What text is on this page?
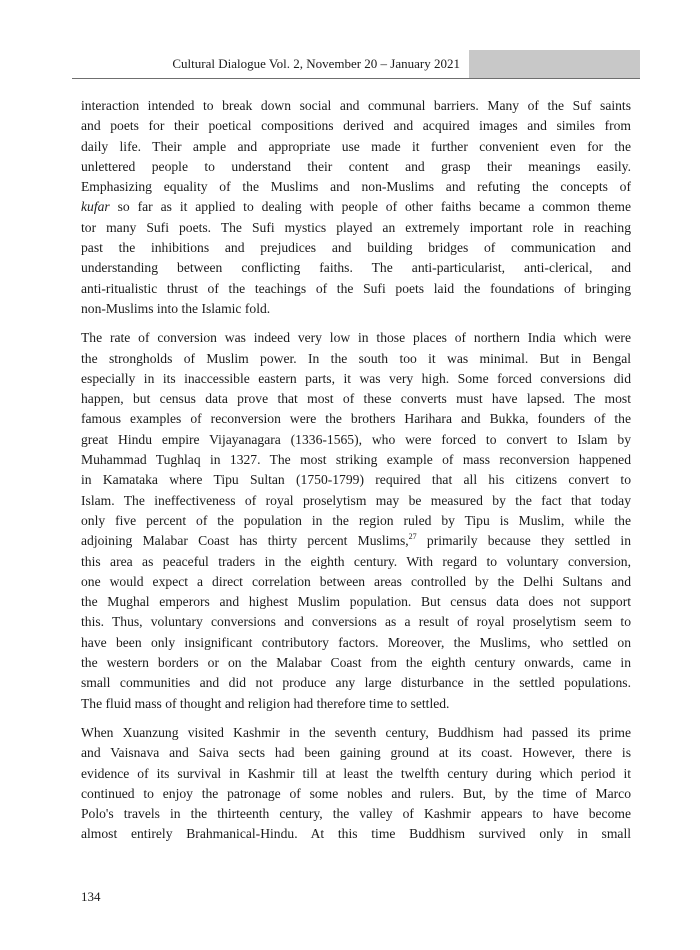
Cultural Dialogue Vol. 2, November 20 – January 2021

interaction intended to break down social and communal barriers. Many of the Suf saints
and poets for their poetical compositions derived and acquired images and similes from
daily life. Their ample and appropriate use made it further convenient even for the
unlettered people to understand their content and grasp their meanings easily.
Emphasizing equality of the Muslims and non-Muslims and refuting the concepts of
kufar so far as it applied to dealing with people of other faiths became a common theme
tor many Sufi poets. The Sufi mystics played an extremely important role in reaching
past the inhibitions and prejudices and building bridges of communication and
understanding between conflicting faiths. The anti-particularist, anti-clerical, and
anti-ritualistic thrust of the teachings of the Sufi poets laid the foundations of bringing
non-Muslims into the Islamic fold.

The rate of conversion was indeed very low in those places of northern India which were
the strongholds of Muslim power. In the south too it was minimal. But in Bengal
especially in its inaccessible eastern parts, it was very high. Some forced conversions did
happen, but census data prove that most of these converts must have lapsed. The most
famous examples of reconversion were the brothers Harihara and Bukka, founders of the
great Hindu empire Vijayanagara (1336-1565), who were forced to convert to Islam by
Muhammad Tughlaq in 1327. The most striking example of mass reconversion happened
in Kamataka where Tipu Sultan (1750-1799) required that all his citizens convert to
Islam. The ineffectiveness of royal proselytism may be measured by the fact that today
only five percent of the population in the region ruled by Tipu is Muslim, while the
adjoining Malabar Coast has thirty percent Muslims,$^{27}$ primarily because they settled in
this area as peaceful traders in the eighth century. With regard to voluntary conversion,
one would expect a direct correlation between areas controlled by the Delhi Sultans and
the Mughal emperors and highest Muslim population. But census data does not support
this. Thus, voluntary conversions and conversions as a result of royal proselytism seem to
have been only insignificant contributory factors. Moreover, the Muslims, who settled on
the western borders or on the Malabar Coast from the eighth century onwards, came in
small communities and did not produce any large disturbance in the settled populations.
The fluid mass of thought and religion had therefore time to settled.

When Xuanzung visited Kashmir in the seventh century, Buddhism had passed its prime
and Vaisnava and Saiva sects had been gaining ground at its coast. However, there is
evidence of its survival in Kashmir till at least the twelfth century during which period it
continued to enjoy the patronage of some nobles and rulers. But, by the time of Marco
Polo's travels in the thirteenth century, the valley of Kashmir appears to have become
almost entirely Brahmanical-Hindu. At this time Buddhism survived only in small

134
